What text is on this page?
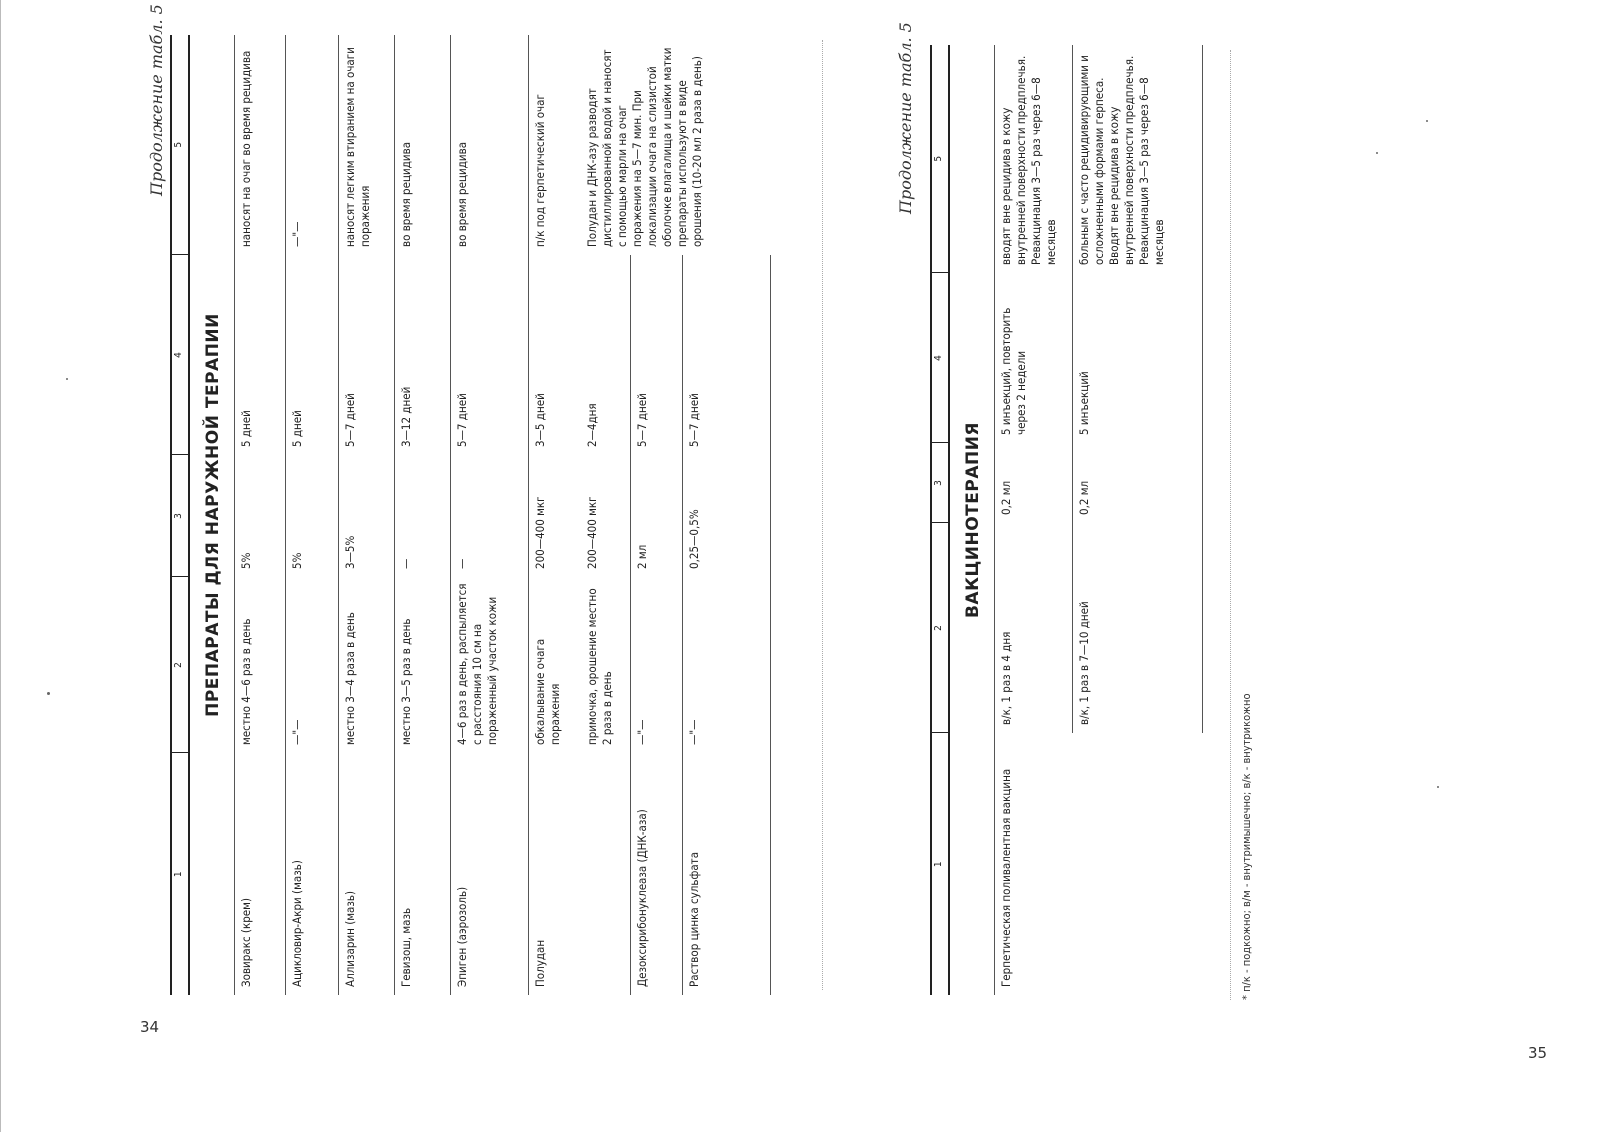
34
35
Продолжение табл. 5
1	2	3	4	5
ПРЕПАРАТЫ ДЛЯ НАРУЖНОЙ ТЕРАПИИ				
Зовиракс (крем)	местно 4—6 раз в день	5%	5 дней	наносят на очаг во время рецидива
Ацикловир-Акри (мазь)	—"—	5%	5 дней	—"—
Аллизарин (мазь)	местно 3—4 раза в день	3—5%	5—7 дней	наносят легким втиранием на очаги поражения
Гевизош, мазь	местно 3—5 раз в день	—	3—12 дней	во время рецидива
Эпиген (аэрозоль)	4—6 раз в день, распыляется с расстояния 10 см на пораженный участок кожи	—	5—7 дней	во время рецидива
Полудан	обкалывание очага поражения	200—400 мкг	3—5 дней	п/к под герпетический очаг
	примочка, орошение местно 2 раза в день	200—400 мкг	2—4дня	Полудан и ДНК-азу разводят дистиллированной водой и наносят с помощью марли на очаг поражения на 5—7 мин. При локализации очага на слизистой оболочке влагалища и шейки матки препараты используют в виде орошения (10-20 мл 2 раза в день)
Дезоксирибонуклеаза (ДНК-аза)	—"—	2 мл	5—7 дней	
Раствор цинка сульфата	—"—	0,25—0,5%	5—7 дней	
Продолжение табл. 5
1	2	3	4	5
ВАКЦИНОТЕРАПИЯ				
Герпетическая поливалентная вакцина	в/к, 1 раз в 4 дня	0,2 мл	5 инъекций, повторить через 2 недели	вводят вне рецидива в кожу внутренней поверхности предплечья. Ревакцинация 3—5 раз через 6—8 месяцев
	в/к, 1 раз в 7—10 дней	0,2 мл	5 инъекций	больным с часто рецидивирующими и осложненными формами герпеса. Вводят вне рецидива в кожу внутренней поверхности предплечья. Ревакцинация 3—5 раз через 6—8 месяцев
* п/к - подкожно; в/м - внутримышечно; в/к - внутрикожно
